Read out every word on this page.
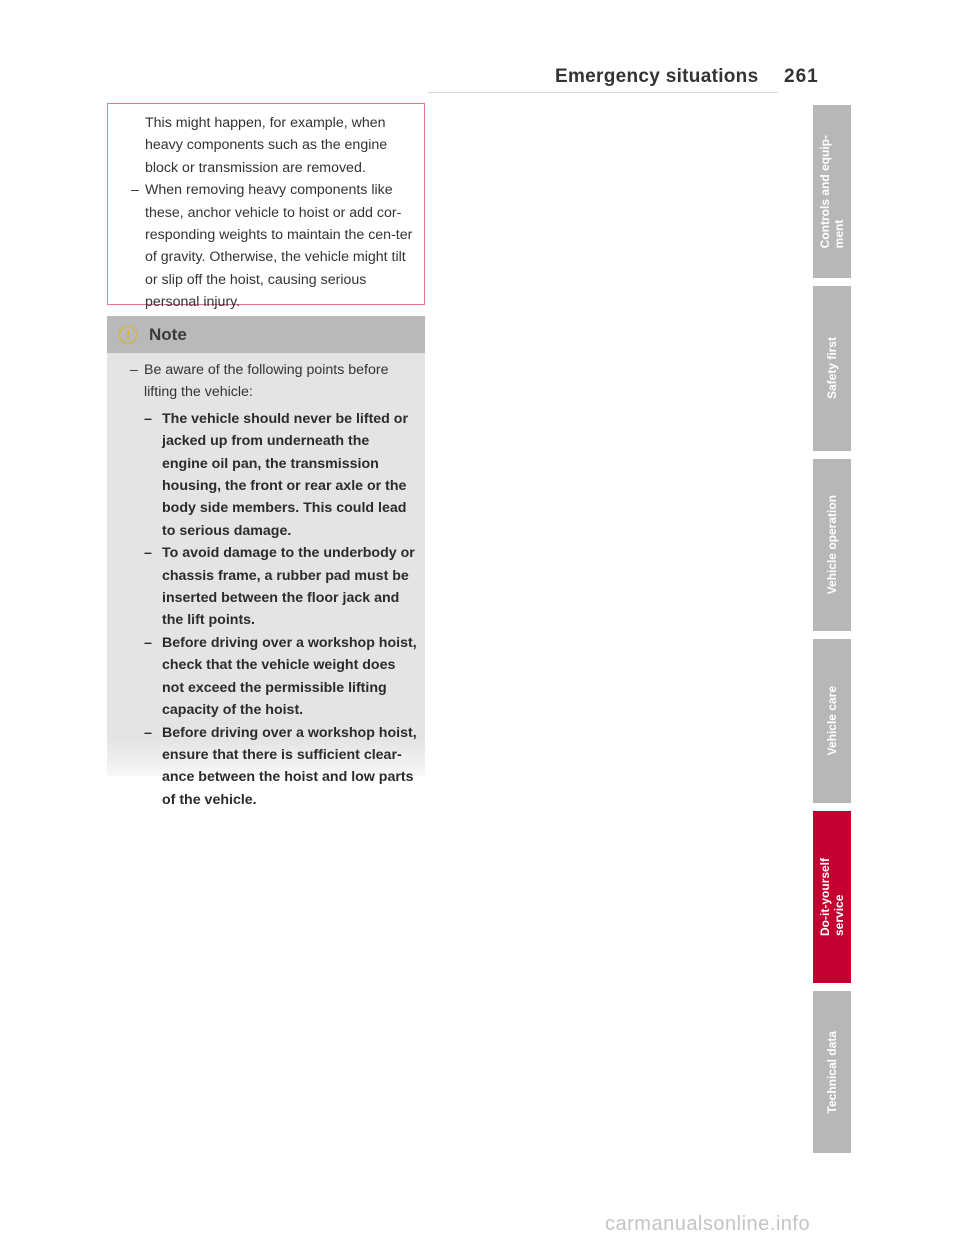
Emergency situations 261

This might happen, for example, when heavy components such as the engine block or transmission are removed.

– When removing heavy components like these, anchor vehicle to hoist or add cor-responding weights to maintain the cen-ter of gravity. Otherwise, the vehicle might tilt or slip off the hoist, causing serious personal injury.

!	Note

– Be aware of the following points before lifting the vehicle:

– The vehicle should never be lifted or jacked up from underneath the engine oil pan, the transmission housing, the front or rear axle or the body side members. This could lead to serious damage.

– To avoid damage to the underbody or chassis frame, a rubber pad must be inserted between the floor jack and the lift points.

– Before driving over a workshop hoist, check that the vehicle weight does not exceed the permissible lifting capacity of the hoist.

– Before driving over a workshop hoist, ensure that there is sufficient clear-ance between the hoist and low parts of the vehicle.

Controls and equip-
ment
Safety first
Vehicle operation
Vehicle care
Do-it-yourself
service
Technical data
carmanualsonline.info
